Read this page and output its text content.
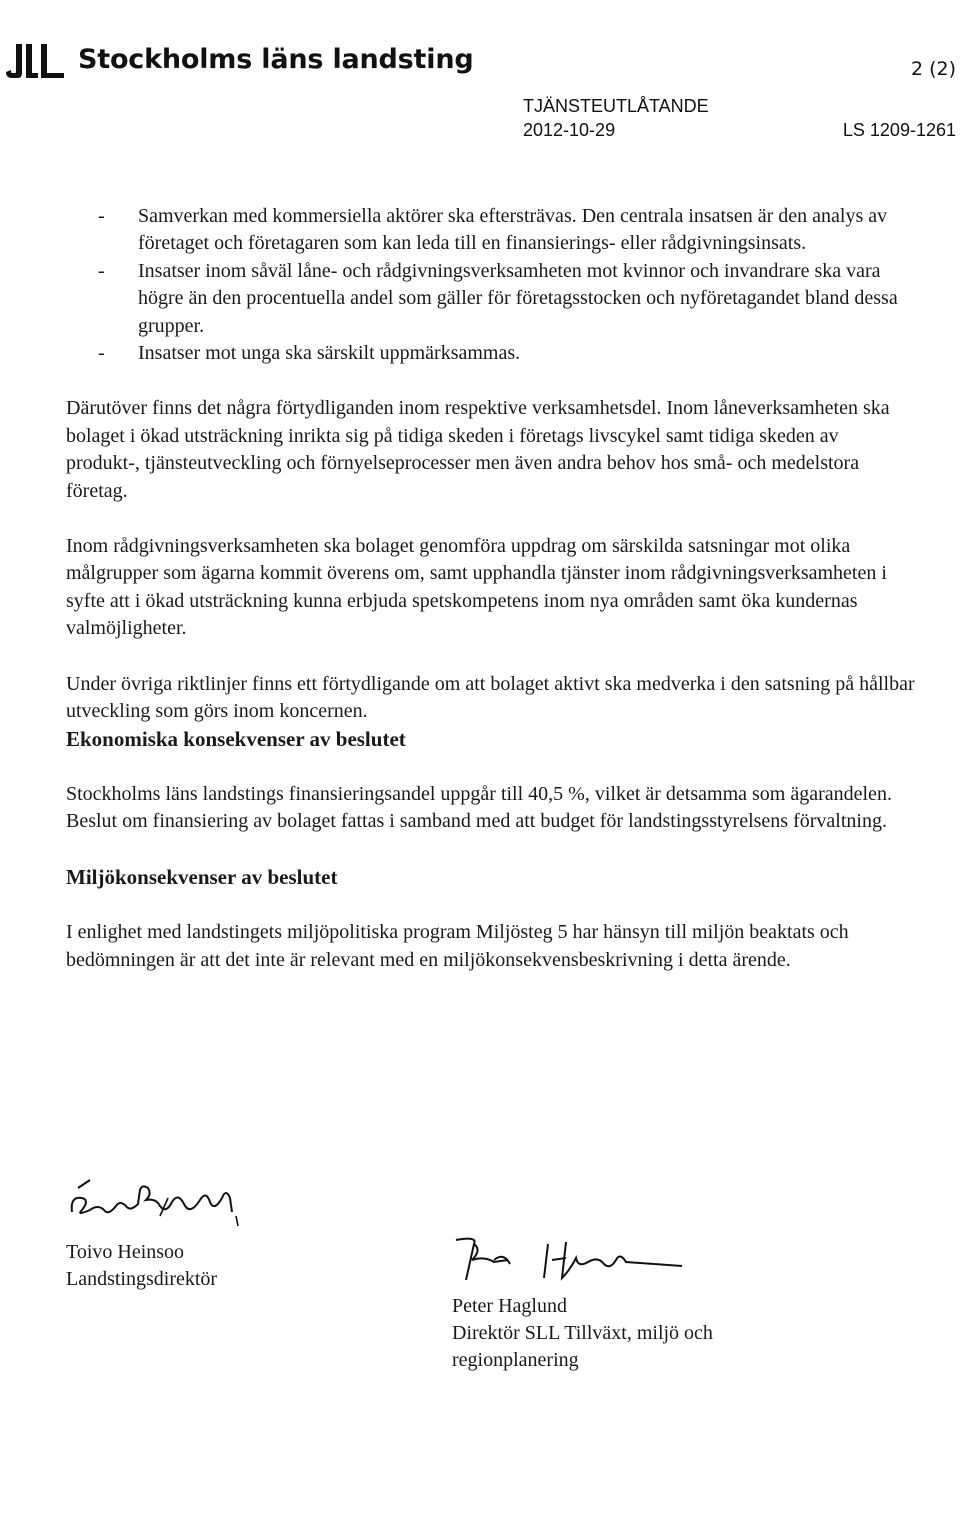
Stockholms läns landsting	2 (2)
TJÄNSTEUTLÅTANDE
2012-10-29	LS 1209-1261
- Samverkan med kommersiella aktörer ska eftersträvas. Den centrala insatsen är den analys av företaget och företagaren som kan leda till en finansierings- eller rådgivningsinsats.
- Insatser inom såväl låne- och rådgivningsverksamheten mot kvinnor och invandrare ska vara högre än den procentuella andel som gäller för företagsstocken och nyföretagandet bland dessa grupper.
- Insatser mot unga ska särskilt uppmärksammas.

Därutöver finns det några förtydliganden inom respektive verksamhetsdel. Inom låneverksamheten ska bolaget i ökad utsträckning inrikta sig på tidiga skeden i företags livscykel samt tidiga skeden av produkt-, tjänsteutveckling och förnyelseprocesser men även andra behov hos små- och medelstora företag.

Inom rådgivningsverksamheten ska bolaget genomföra uppdrag om särskilda satsningar mot olika målgrupper som ägarna kommit överens om, samt upphandla tjänster inom rådgivningsverksamheten i syfte att i ökad utsträckning kunna erbjuda spetskompetens inom nya områden samt öka kundernas valmöjligheter.

Under övriga riktlinjer finns ett förtydligande om att bolaget aktivt ska medverka i den satsning på hållbar utveckling som görs inom koncernen.

Ekonomiska konsekvenser av beslutet

Stockholms läns landstings finansieringsandel uppgår till 40,5 %, vilket är detsamma som ägarandelen. Beslut om finansiering av bolaget fattas i samband med att budget för landstingsstyrelsens förvaltning.

Miljökonsekvenser av beslutet

I enlighet med landstingets miljöpolitiska program Miljösteg 5 har hänsyn till miljön beaktats och bedömningen är att det inte är relevant med en miljökonsekvensbeskrivning i detta ärende.

Toivo Heinsoo
Landstingsdirektör
Peter Haglund
Direktör SLL Tillväxt, miljö och
regionplanering
